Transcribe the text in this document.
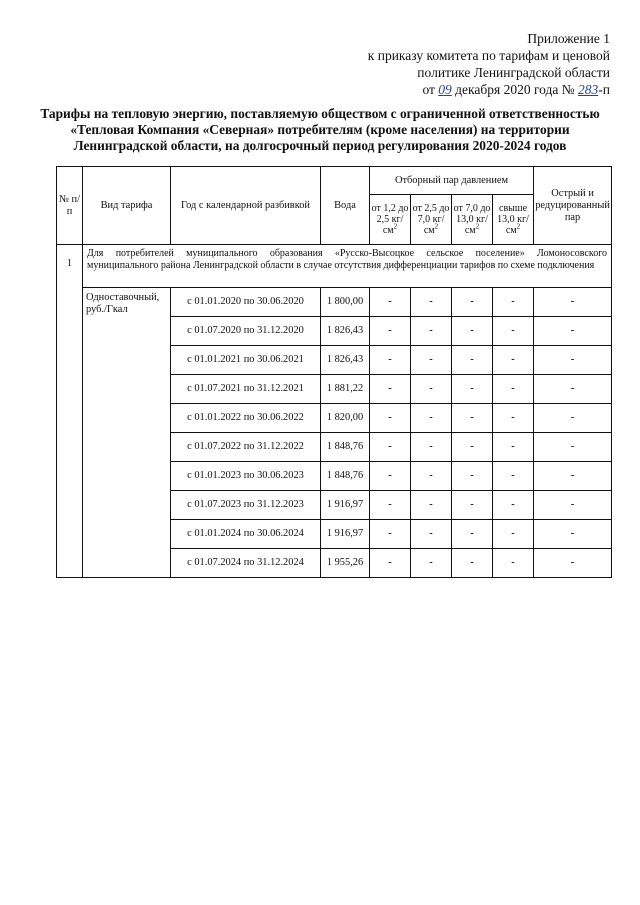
Приложение 1
к приказу комитета по тарифам и ценовой
политике Ленинградской области
от 09 декабря 2020 года № 283-п
Тарифы на тепловую энергию, поставляемую обществом с ограниченной ответственностью «Тепловая Компания «Северная» потребителям (кроме населения) на территории Ленинградской области, на долгосрочный период регулирования 2020-2024 годов
№ п/п	Вид тарифа	Год с календарной разбивкой	Вода	Отборный пар давлением				Острый и редуцированный пар
				от 1,2 до 2,5 $кг/см^2$	от 2,5 до 7,0 $кг/см^2$	от 7,0 до 13,0 $кг/см^2$	свыше 13,0 $кг/см^2$
1	Для потребителей муниципального образования «Русско-Высоцкое сельское поселение» Ломоносовского муниципального района Ленинградской области в случае отсутствия дифференциации тарифов по схеме подключения							
	Одноставочный, руб./Гкал	с 01.01.2020 по 30.06.2020	1 800,00	-	-	-	-	-
		с 01.07.2020 по 31.12.2020	1 826,43	-	-	-	-	-
		с 01.01.2021 по 30.06.2021	1 826,43	-	-	-	-	-
		с 01.07.2021 по 31.12.2021	1 881,22	-	-	-	-	-
		с 01.01.2022 по 30.06.2022	1 820,00	-	-	-	-	-
		с 01.07.2022 по 31.12.2022	1 848,76	-	-	-	-	-
		с 01.01.2023 по 30.06.2023	1 848,76	-	-	-	-	-
		с 01.07.2023 по 31.12.2023	1 916,97	-	-	-	-	-
		с 01.01.2024 по 30.06.2024	1 916,97	-	-	-	-	-
		с 01.07.2024 по 31.12.2024	1 955,26	-	-	-	-	-
